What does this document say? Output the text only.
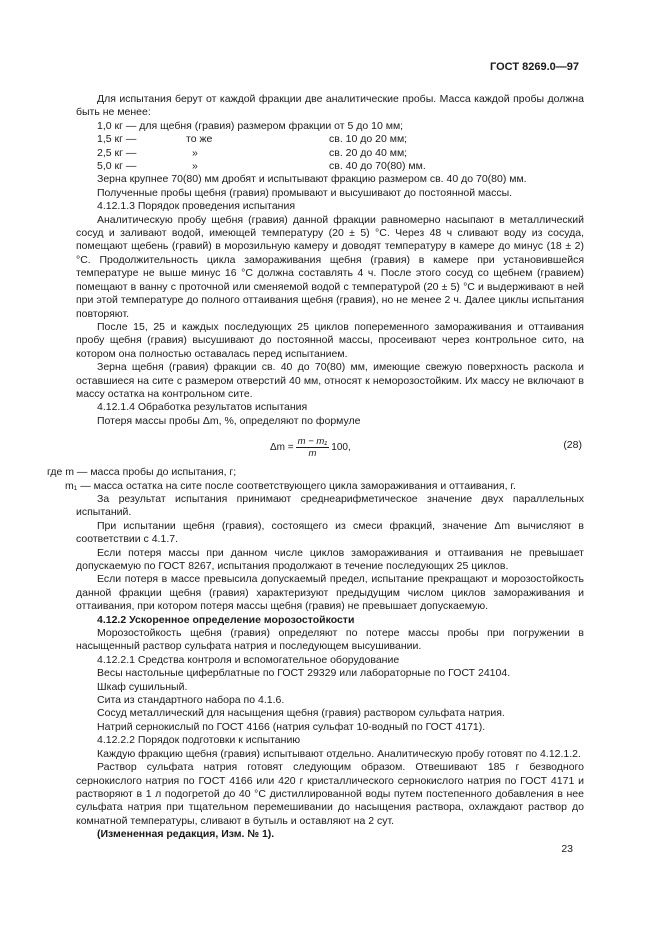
ГОСТ 8269.0—97

Для испытания берут от каждой фракции две аналитические пробы. Масса каждой пробы должна быть не менее:

1,0 кг — для щебня (гравия) размером фракции от 5 до 10 мм;

1,5 кг —	то же	св. 10 до 20 мм;
2,5 кг —	»	св. 20 до 40 мм;
5,0 кг —	»	св. 40 до 70(80) мм.

Зерна крупнее 70(80) мм дробят и испытывают фракцию размером св. 40 до 70(80) мм.

Полученные пробы щебня (гравия) промывают и высушивают до постоянной массы.

4.12.1.3 Порядок проведения испытания

Аналитическую пробу щебня (гравия) данной фракции равномерно насыпают в металлический сосуд и заливают водой, имеющей температуру (20 ± 5) °С. Через 48 ч сливают воду из сосуда, помещают щебень (гравий) в морозильную камеру и доводят температуру в камере до минус (18 ± 2) °С. Продолжительность цикла замораживания щебня (гравия) в камере при установившейся температуре не выше минус 16 °С должна составлять 4 ч. После этого сосуд со щебнем (гравием) помещают в ванну с проточной или сменяемой водой с температурой (20 ± 5) °С и выдерживают в ней при этой температуре до полного оттаивания щебня (гравия), но не менее 2 ч. Далее циклы испытания повторяют.

После 15, 25 и каждых последующих 25 циклов попеременного замораживания и оттаивания пробу щебня (гравия) высушивают до постоянной массы, просеивают через контрольное сито, на котором она полностью оставалась перед испытанием.

Зерна щебня (гравия) фракции св. 40 до 70(80) мм, имеющие свежую поверхность раскола и оставшиеся на сите с размером отверстий 40 мм, относят к неморозостойким. Их массу не включают в массу остатка на контрольном сите.

4.12.1.4 Обработка результатов испытания

Потеря массы пробы Δm, %, определяют по формуле

$\Delta m = \frac{\text{m − m₁}}{m} 100$,	(28)

где m — масса пробы до испытания, г;

m₁ — масса остатка на сите после соответствующего цикла замораживания и оттаивания, г.

За результат испытания принимают среднеарифметическое значение двух параллельных испытаний.

При испытании щебня (гравия), состоящего из смеси фракций, значение Δm вычисляют в соответствии с 4.1.7.

Если потеря массы при данном числе циклов замораживания и оттаивания не превышает допускаемую по ГОСТ 8267, испытания продолжают в течение последующих 25 циклов.

Если потеря в массе превысила допускаемый предел, испытание прекращают и морозостойкость данной фракции щебня (гравия) характеризуют предыдущим числом циклов замораживания и оттаивания, при котором потеря массы щебня (гравия) не превышает допускаемую.

4.12.2 Ускоренное определение морозостойкости

Морозостойкость щебня (гравия) определяют по потере массы пробы при погружении в насыщенный раствор сульфата натрия и последующем высушивании.

4.12.2.1 Средства контроля и вспомогательное оборудование

Весы настольные циферблатные по ГОСТ 29329 или лабораторные по ГОСТ 24104.

Шкаф сушильный.

Сита из стандартного набора по 4.1.6.

Сосуд металлический для насыщения щебня (гравия) раствором сульфата натрия.

Натрий сернокислый по ГОСТ 4166 (натрия сульфат 10-водный по ГОСТ 4171).

4.12.2.2 Порядок подготовки к испытанию

Каждую фракцию щебня (гравия) испытывают отдельно. Аналитическую пробу готовят по 4.12.1.2.

Раствор сульфата натрия готовят следующим образом. Отвешивают 185 г безводного сернокислого натрия по ГОСТ 4166 или 420 г кристаллического сернокислого натрия по ГОСТ 4171 и растворяют в 1 л подогретой до 40 °С дистиллированной воды путем постепенного добавления в нее сульфата натрия при тщательном перемешивании до насыщения раствора, охлаждают раствор до комнатной температуры, сливают в бутыль и оставляют на 2 сут.

(Измененная редакция, Изм. № 1).

23
